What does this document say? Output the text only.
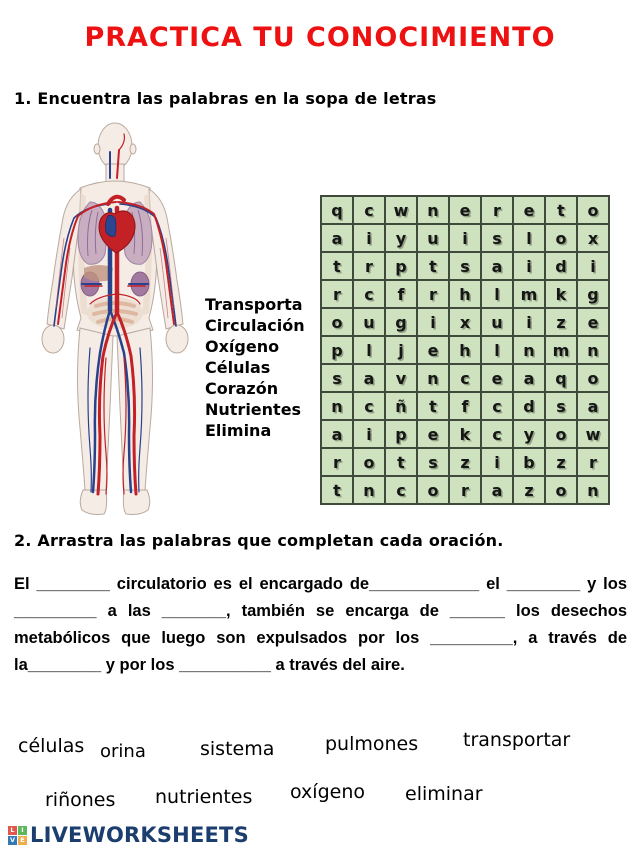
PRACTICA TU CONOCIMIENTO
1. Encuentra las palabras en la sopa de letras
Transporta
Circulación
Oxígeno
Células
Corazón
Nutrientes
Elimina
q	c	w	n	e	r	e	t	o
a	i	y	u	i	s	l	o	x
t	r	p	t	s	a	i	d	i
r	c	f	r	h	l	m	k	g
o	u	g	i	x	u	i	z	e
p	l	j	e	h	l	n	m	n
s	a	v	n	c	e	a	q	o
n	c	ñ	t	f	c	d	s	a
a	i	p	e	k	c	y	o	w
r	o	t	s	z	i	b	z	r
t	n	c	o	r	a	z	o	n
2. Arrastra las palabras que completan cada oración.
El ________ circulatorio es el encargado de____________ el ________ y los _________ a las _______, también se encarga de ______ los desechos metabólicos que luego son expulsados por los _________, a través de la________ y por los __________ a través del aire.
células orina	sistema	pulmones transportar
riñones nutrientes oxígeno eliminar
L	I
V E LIVEWORKSHEETS
